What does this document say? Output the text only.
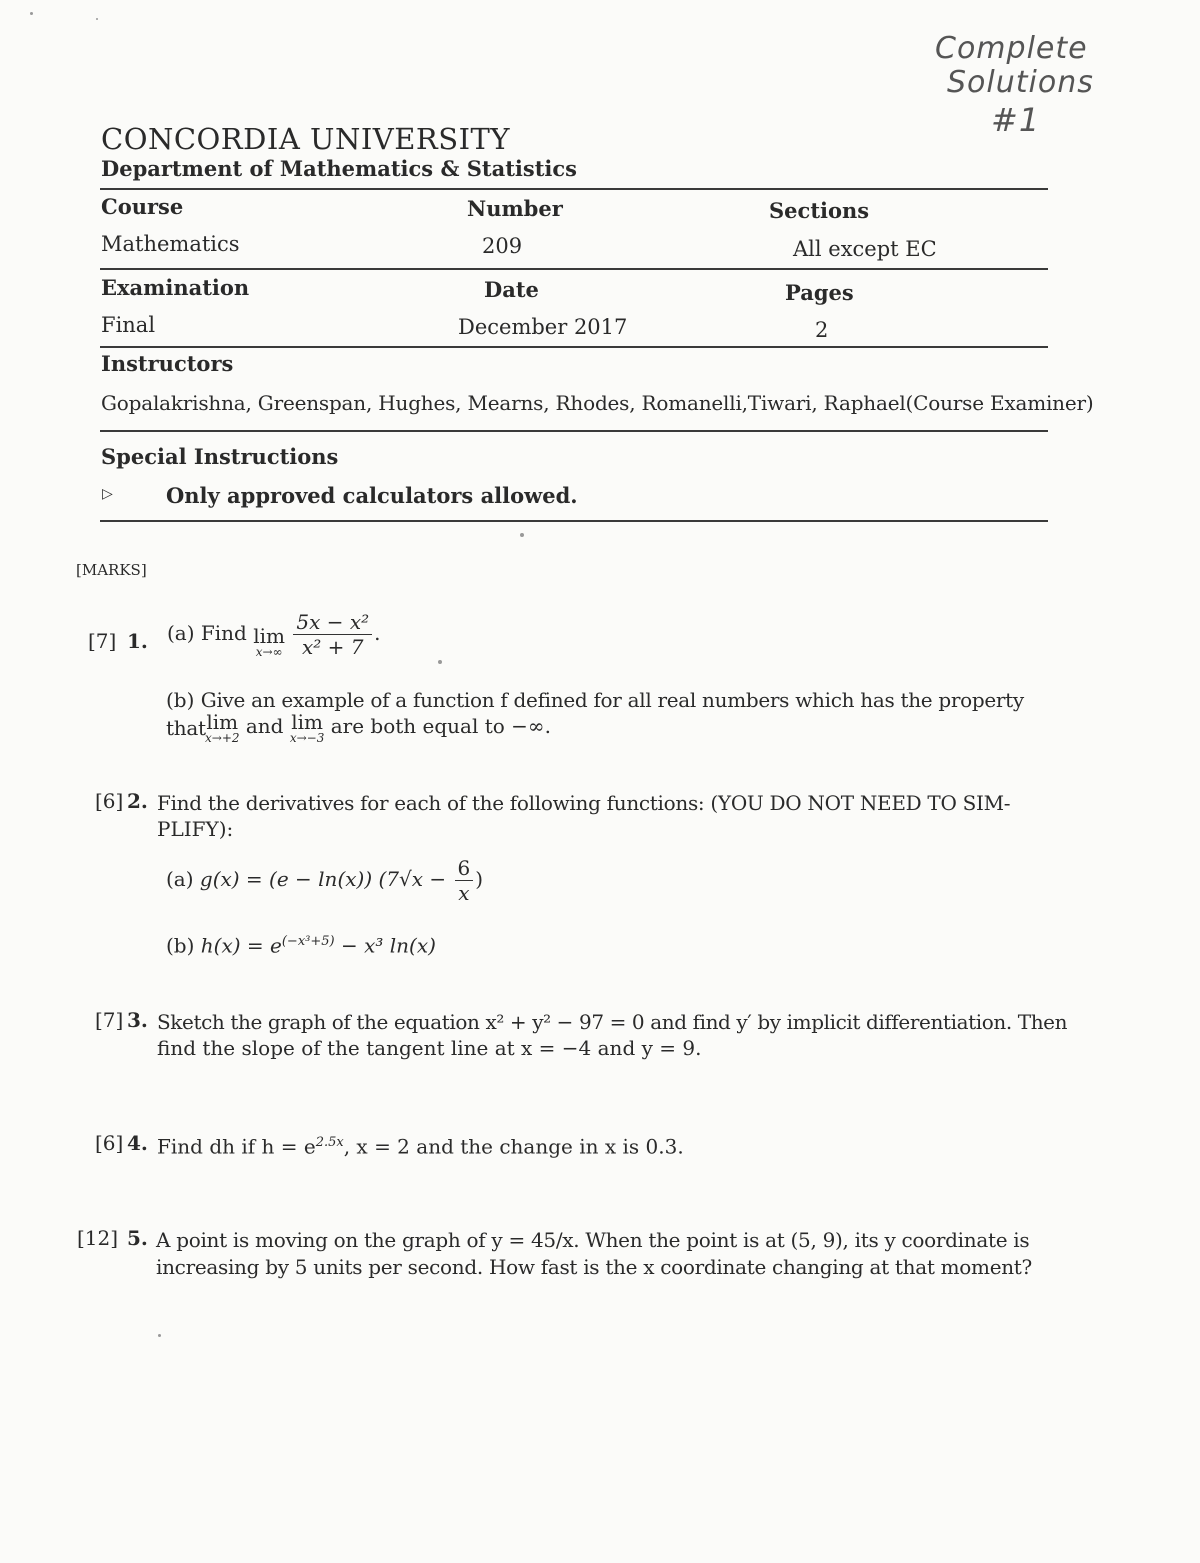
Complete
Solutions
#1
CONCORDIA UNIVERSITY
Department of Mathematics & Statistics
Course	Number	Sections
Mathematics	209	All except EC
Examination	Date	Pages
Final	December 2017	2
Instructors
Gopalakrishna, Greenspan, Hughes, Mearns, Rhodes, Romanelli,Tiwari, Raphael(Course Examiner)
Special Instructions
▷	Only approved calculators allowed.
[MARKS]
[7] 1. (a) Find lim
x→∞
$\frac{\text{5x − x²}}{\text{x² + 7}}$ .
(b) Give an example of a function f defined for all real numbers which has the property that lim
x→+2 and lim
x→−3 are both equal to −∞.
[6] 2. Find the derivatives for each of the following functions: (YOU DO NOT NEED TO SIM-
PLIFY):
(a) g(x) = (e − ln(x)) ($7√x - \frac{6}{x}$ )
(b) $h(x) = e^{(-x^3+5)} - x^3$ ln(x)
[7] 3. Sketch the graph of the equation x² + y² − 97 = 0 and find y′ by implicit differentiation. Then
find the slope of the tangent line at x = −4 and y = 9.
[6] 4. Find dh if $h = e^{2.5x}$, x = 2 and the change in x is 0.3.
[12] 5. A point is moving on the graph of y = 45/x. When the point is at (5, 9), its y coordinate is
increasing by 5 units per second. How fast is the x coordinate changing at that moment?
